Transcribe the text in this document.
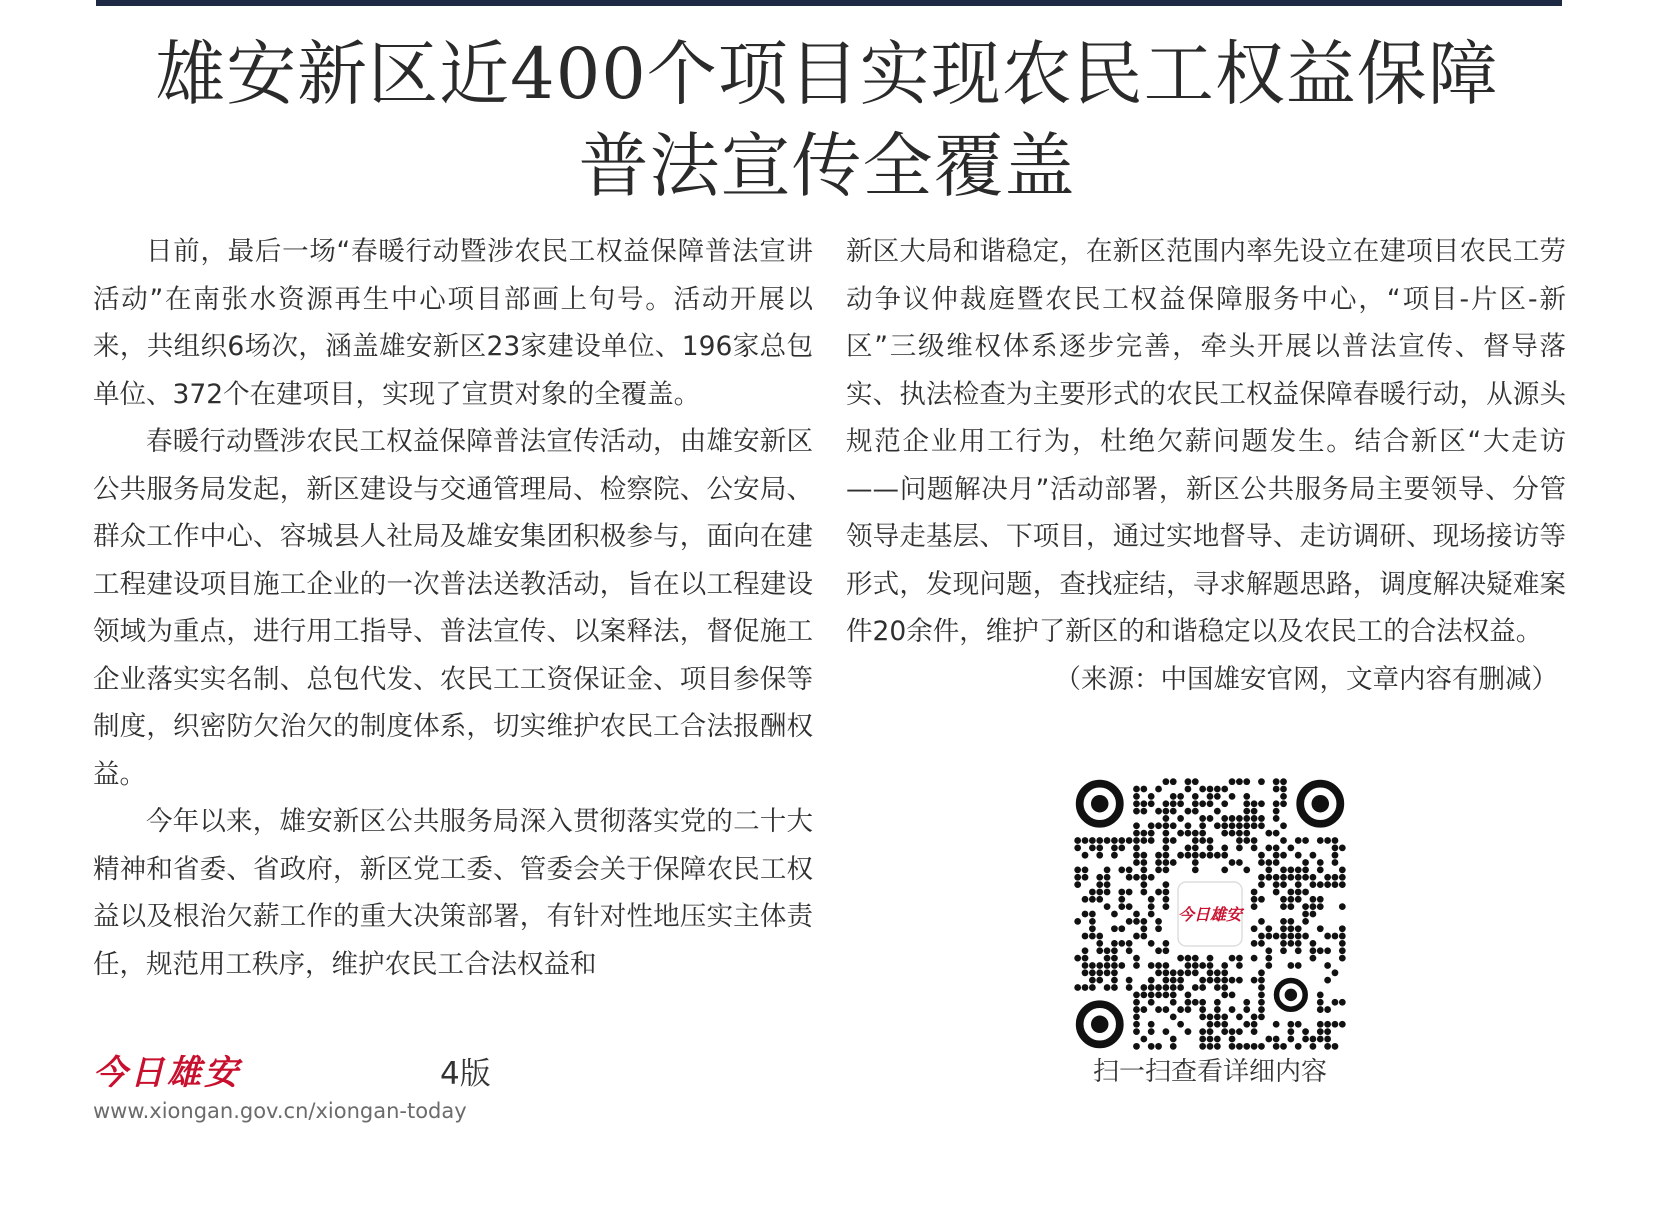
雄安新区近400个项目实现农民工权益保障
普法宣传全覆盖

日前，最后一场“春暖行动暨涉农民工权益保障普法宣讲活动”在南张水资源再生中心项目部画上句号。活动开展以来，共组织6场次，涵盖雄安新区23家建设单位、196家总包单位、372个在建项目，实现了宣贯对象的全覆盖。

春暖行动暨涉农民工权益保障普法宣传活动，由雄安新区公共服务局发起，新区建设与交通管理局、检察院、公安局、群众工作中心、容城县人社局及雄安集团积极参与，面向在建工程建设项目施工企业的一次普法送教活动，旨在以工程建设领域为重点，进行用工指导、普法宣传、以案释法，督促施工企业落实实名制、总包代发、农民工工资保证金、项目参保等制度，织密防欠治欠的制度体系，切实维护农民工合法报酬权益。

今年以来，雄安新区公共服务局深入贯彻落实党的二十大精神和省委、省政府，新区党工委、管委会关于保障农民工权益以及根治欠薪工作的重大决策部署，有针对性地压实主体责任，规范用工秩序，维护农民工合法权益和

新区大局和谐稳定，在新区范围内率先设立在建项目农民工劳动争议仲裁庭暨农民工权益保障服务中心，“项目-片区-新区”三级维权体系逐步完善，牵头开展以普法宣传、督导落实、执法检查为主要形式的农民工权益保障春暖行动，从源头规范企业用工行为，杜绝欠薪问题发生。结合新区“大走访——问题解决月”活动部署，新区公共服务局主要领导、分管领导走基层、下项目，通过实地督导、走访调研、现场接访等形式，发现问题，查找症结，寻求解题思路，调度解决疑难案件20余件，维护了新区的和谐稳定以及农民工的合法权益。

（来源：中国雄安官网，文章内容有删减）

今日雄安
扫一扫查看详细内容
今日雄安	4版
www.xiongan.gov.cn/xiongan-today
